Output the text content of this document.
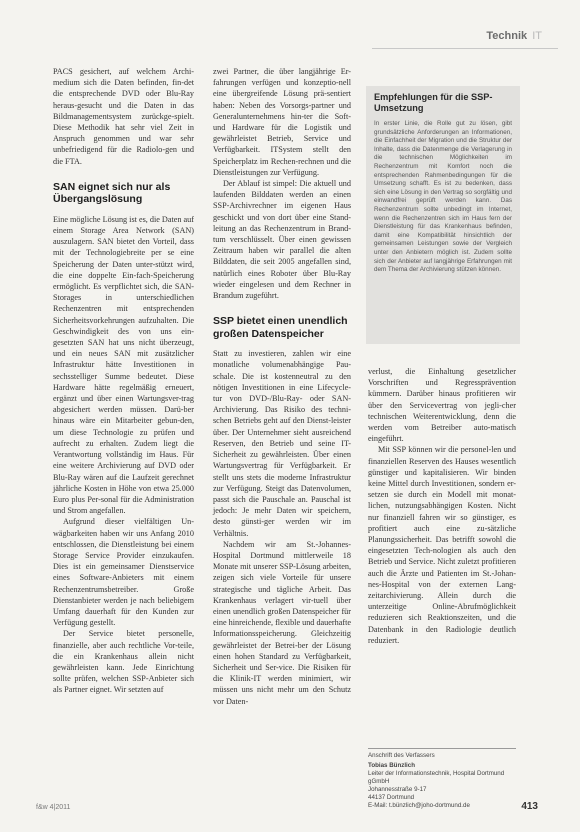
Technik IT

PACS gesichert, auf welchem Archi-medium sich die Daten befinden, fin-det die entsprechende DVD oder Blu-Ray heraus-gesucht und die Daten in das Bildmanagementsystem zurückge-spielt. Diese Methodik hat sehr viel Zeit in Anspruch genommen und war sehr unbefriedigend für die Radiolo-gen und die FTA.

SAN eignet sich nur als Übergangslösung

Eine mögliche Lösung ist es, die Daten auf einem Storage Area Network (SAN) auszulagern. SAN bietet den Vorteil, dass mit der Technologiebreite per se eine Speicherung der Daten unter-stützt wird, die eine doppelte Ein-fach-Speicherung ermöglicht. Es verpflichtet sich, die SAN-Storages in unterschiedlichen Rechenzentren mit entsprechenden Sicherheitsvorkehrungen aufzuhalten. Die Geschwindigkeit des von uns ein-gesetzten SAN hat uns nicht überzeugt, und ein neues SAN mit zusätzlicher Infrastruktur hätte Investitionen in sechsstelliger Summe bedeutet. Diese Hardware hätte regelmäßig erneuert, ergänzt und über einen Wartungsver-trag abgesichert werden müssen. Darü-ber hinaus wäre ein Mitarbeiter gebun-den, um diese Technologie zu prüfen und aufrecht zu erhalten. Zudem liegt die Verantwortung vollständig im Haus. Für eine weitere Archivierung auf DVD oder Blu-Ray wären auf die Laufzeit gerechnet jährliche Kosten in Höhe von etwa 25.000 Euro plus Per-sonal für die Administration und Strom angefallen.

Aufgrund dieser vielfältigen Un-wägbarkeiten haben wir uns Anfang 2010 entschlossen, die Dienstleistung bei einem Storage Service Provider einzukaufen. Dies ist ein gemeinsamer Dienstservice eines Software-Anbieters mit einem Rechenzentrumsbetreiber. Große Dienstanbieter werden je nach beliebigem Umfang dauerhaft für den Kunden zur Verfügung gestellt.

Der Service bietet personelle, finanzielle, aber auch rechtliche Vor-teile, die ein Krankenhaus allein nicht gewährleisten kann. Jede Einrichtung sollte prüfen, welchen SSP-Anbieter sich als Partner eignet. Wir setzten auf

zwei Partner, die über langjährige Er-fahrungen verfügen und konzeptio-nell eine übergreifende Lösung prä-sentiert haben: Neben des Vorsorgs-partner und Generalunternehmens hin-ter die Soft- und Hardware für die Logistik und gewährleistet Betrieb, Service und Verfügbarkeit. ITSystem stellt den Speicherplatz im Rechen-rechnen und die Dienstleistungen zur Verfügung.

Der Ablauf ist simpel: Die aktuell und laufenden Bilddaten werden an einen SSP-Archivrechner im eigenen Haus geschickt und von dort über eine Stand-leitung an das Rechenzentrum in Brand-tum verschlüsselt. Über einen gewissen Zeitraum haben wir parallel die alten Bilddaten, die seit 2005 angefallen sind, natürlich eines Roboter über Blu-Ray wieder eingelesen und dem Rechner in Brandum zugeführt.

SSP bietet einen unendlich großen Datenspeicher

Statt zu investieren, zahlen wir eine monatliche volumenabhängige Pau-schale. Die ist kostenneutral zu den nötigen Investitionen in eine Lifecycle-tur von DVD-/Blu-Ray- oder SAN-Archivierung. Das Risiko des techni-schen Betriebs geht auf den Dienst-leister über. Der Unternehmer sieht ausreichend Reserven, den Betrieb und seine IT-Sicherheit zu gewährleisten. Über einen Wartungsvertrag für Verfügbarkeit. Er stellt uns stets die moderne Infrastruktur zur Verfügung. Steigt das Datenvolumen, passt sich die Pauschale an. Pauschal ist jedoch: Je mehr Daten wir speichern, desto günsti-ger werden wir im Verhältnis.

Nachdem wir am St.-Johannes-Hospital Dortmund mittlerweile 18 Monate mit unserer SSP-Lösung arbeiten, zeigen sich viele Vorteile für unsere strategische und tägliche Arbeit. Das Krankenhaus verlagert vir-tuell über einen unendlich großen Datenspeicher für eine hinreichende, flexible und dauerhafte Informationsspeicherung. Gleichzeitig gewährleistet der Betrei-ber der Lösung einen hohen Standard zu Verfügbarkeit, Sicherheit und Ser-vice. Die Risiken für die Klinik-IT werden minimiert, wir müssen uns nicht mehr um den Schutz vor Daten-

Empfehlungen für die SSP-Umsetzung
In erster Linie, die Rolle gut zu lösen, gibt grundsätzliche Anforderungen an Informationen, die Einfachheit der Migration und die Struktur der Inhalte, dass die Datenmenge die Verlagerung in die technischen Möglichkeiten im Rechenzentrum mit Komfort noch die entsprechenden Rahmenbedingungen für die Umsetzung schafft. Es ist zu bedenken, dass sich eine Lösung in den Vertrag so sorgfältig und einwandfrei geprüft werden kann. Das Rechenzentrum sollte unbedingt im Internet, wenn die Rechenzentren sich im Haus fern der Dienstleistung für das Krankenhaus befinden, damit eine Kompatibilität hinsichtlich der gemeinsamen Leistungen sowie der Vergleich unter den Anbietern möglich ist. Zudem sollte sich der Anbieter auf langjährige Erfahrungen mit dem Thema der Archivierung stützen können.

verlust, die Einhaltung gesetzlicher Vorschriften und Regressprävention kümmern. Darüber hinaus profitieren wir über den Servicevertrag von jegli-cher technischen Weiterentwicklung, denn die werden vom Betreiber auto-matisch eingeführt.

Mit SSP können wir die personel-len und finanziellen Reserven des Hauses wesentlich günstiger und kapitalisieren. Wir binden keine Mittel durch Investitionen, sondern er-setzen sie durch ein Modell mit monat-lichen, nutzungsabhängigen Kosten. Nicht nur finanziell fahren wir so günstiger, es profitiert auch eine zu-sätzliche Planungssicherheit. Das betrifft sowohl die eingesetzten Tech-nologien als auch den Betrieb und Service. Nicht zuletzt profitieren auch die Ärzte und Patienten im St.-Johan-nes-Hospital von der externen Lang-zeitarchivierung. Allein durch die unterzeitige Online-Abrufmöglichkeit reduzieren sich Reaktionszeiten, und die Datenbank in den Radiologie deutlich reduziert.

Anschrift des Verfassers
Tobias Bünzlich
Leiter der Informationstechnik, Hospital Dortmund gGmbH
Johannesstraße 9-17
44137 Dortmund
E-Mail: t.bünzlich@joho-dortmund.de
f&w 4|2011	413
